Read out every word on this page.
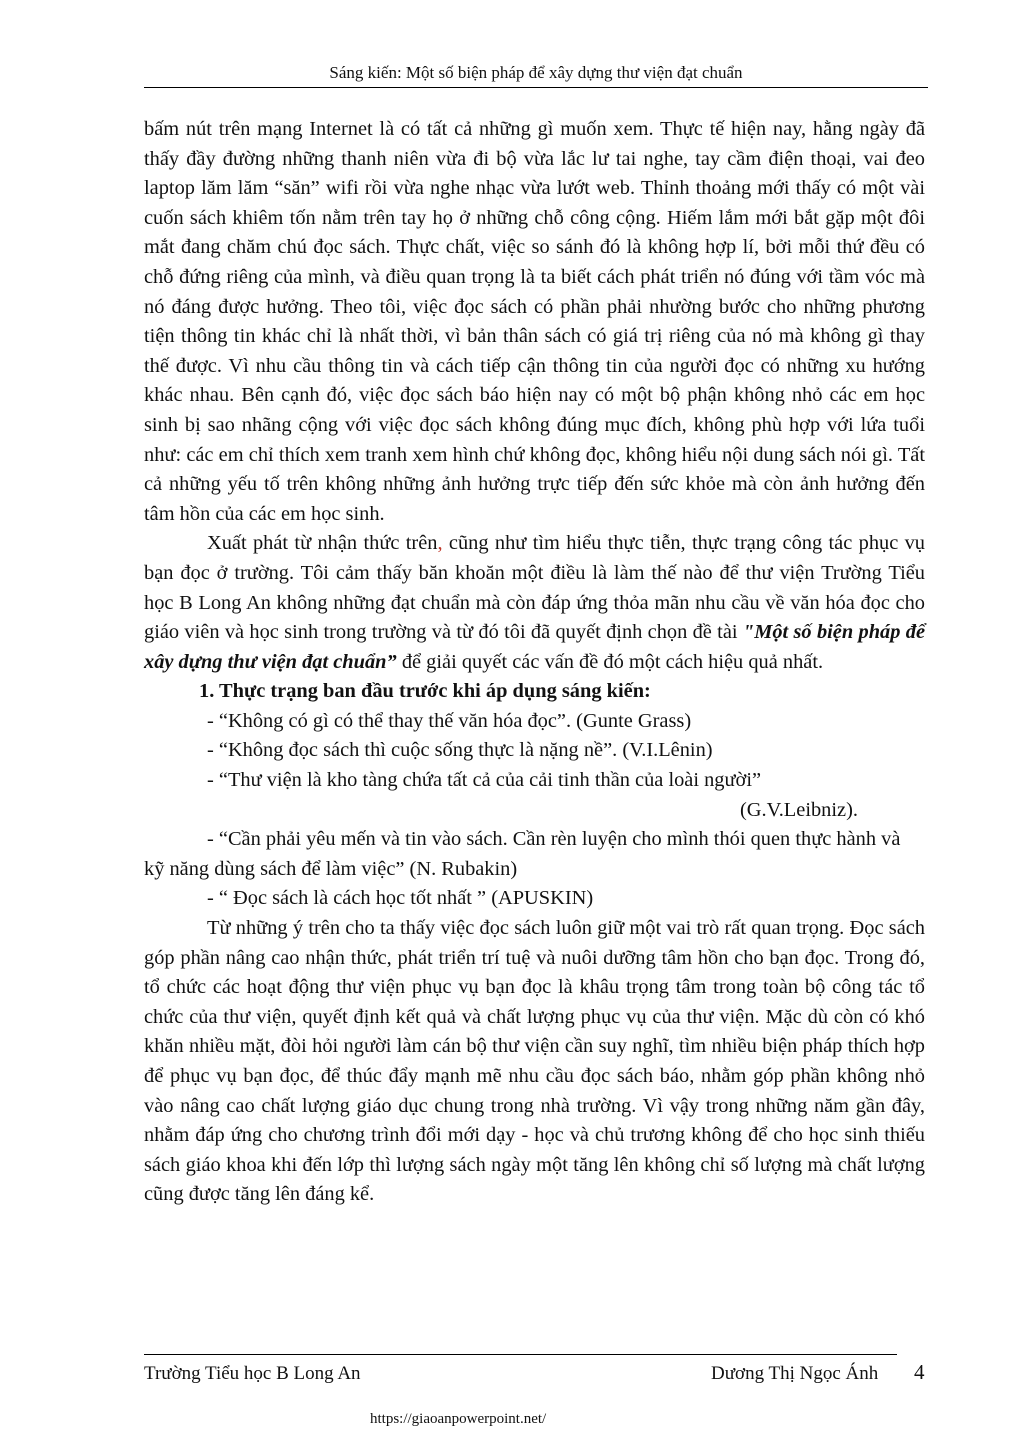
Sáng kiến: Một số biện pháp để xây dựng thư viện đạt chuẩn

bấm nút trên mạng Internet là có tất cả những gì muốn xem. Thực tế hiện nay, hằng ngày đã thấy đầy đường những thanh niên vừa đi bộ vừa lắc lư tai nghe, tay cầm điện thoại, vai đeo laptop lăm lăm “săn” wifi rồi vừa nghe nhạc vừa lướt web. Thỉnh thoảng mới thấy có một vài cuốn sách khiêm tốn nằm trên tay họ ở những chỗ công cộng. Hiếm lắm mới bắt gặp một đôi mắt đang chăm chú đọc sách. Thực chất, việc so sánh đó là không hợp lí, bởi mỗi thứ đều có chỗ đứng riêng của mình, và điều quan trọng là ta biết cách phát triển nó đúng với tầm vóc mà nó đáng được hưởng. Theo tôi, việc đọc sách có phần phải nhường bước cho những phương tiện thông tin khác chỉ là nhất thời, vì bản thân sách có giá trị riêng của nó mà không gì thay thế được. Vì nhu cầu thông tin và cách tiếp cận thông tin của người đọc có những xu hướng khác nhau. Bên cạnh đó, việc đọc sách báo hiện nay có một bộ phận không nhỏ các em học sinh bị sao nhãng cộng với việc đọc sách không đúng mục đích, không phù hợp với lứa tuổi như: các em chỉ thích xem tranh xem hình chứ không đọc, không hiểu nội dung sách nói gì. Tất cả những yếu tố trên không những ảnh hưởng trực tiếp đến sức khỏe mà còn ảnh hưởng đến tâm hồn của các em học sinh.

Xuất phát từ nhận thức trên, cũng như tìm hiểu thực tiễn, thực trạng công tác phục vụ bạn đọc ở trường. Tôi cảm thấy băn khoăn một điều là làm thế nào để thư viện Trường Tiểu học B Long An không những đạt chuẩn mà còn đáp ứng thỏa mãn nhu cầu về văn hóa đọc cho giáo viên và học sinh trong trường và từ đó tôi đã quyết định chọn đề tài "Một số biện pháp để xây dựng thư viện đạt chuẩn” để giải quyết các vấn đề đó một cách hiệu quả nhất.

1. Thực trạng ban đầu trước khi áp dụng sáng kiến:

- “Không có gì có thể thay thế văn hóa đọc”. (Gunte Grass)

- “Không đọc sách thì cuộc sống thực là nặng nề”. (V.I.Lênin)

- “Thư viện là kho tàng chứa tất cả của cải tinh thần của loài người”

(G.V.Leibniz).

- “Cần phải yêu mến và tin vào sách. Cần rèn luyện cho mình thói quen thực hành và kỹ năng dùng sách để làm việc” (N. Rubakin)

- “ Đọc sách là cách học tốt nhất ” (APUSKIN)

Từ những ý trên cho ta thấy việc đọc sách luôn giữ một vai trò rất quan trọng. Đọc sách góp phần nâng cao nhận thức, phát triển trí tuệ và nuôi dưỡng tâm hồn cho bạn đọc. Trong đó, tổ chức các hoạt động thư viện phục vụ bạn đọc là khâu trọng tâm trong toàn bộ công tác tổ chức của thư viện, quyết định kết quả và chất lượng phục vụ của thư viện. Mặc dù còn có khó khăn nhiều mặt, đòi hỏi người làm cán bộ thư viện cần suy nghĩ, tìm nhiều biện pháp thích hợp để phục vụ bạn đọc, để thúc đẩy mạnh mẽ nhu cầu đọc sách báo, nhằm góp phần không nhỏ vào nâng cao chất lượng giáo dục chung trong nhà trường. Vì vậy trong những năm gần đây, nhằm đáp ứng cho chương trình đổi mới dạy - học và chủ trương không để cho học sinh thiếu sách giáo khoa khi đến lớp thì lượng sách ngày một tăng lên không chỉ số lượng mà chất lượng cũng được tăng lên đáng kể.

Trường Tiểu học B Long An	Dương Thị Ngọc Ánh 4
https://giaoanpowerpoint.net/
